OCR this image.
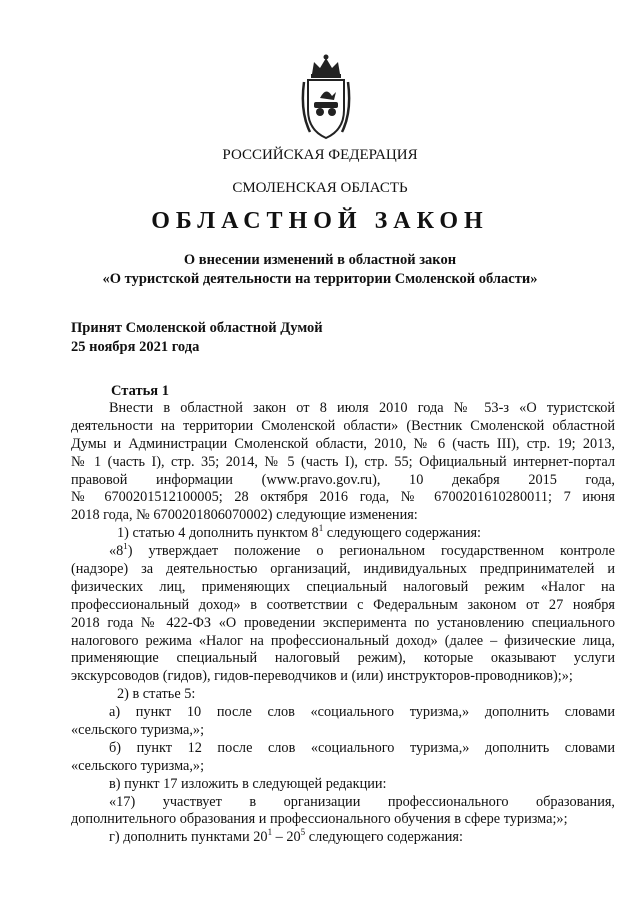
РОССИЙСКАЯ ФЕДЕРАЦИЯ
СМОЛЕНСКАЯ ОБЛАСТЬ
ОБЛАСТНОЙ ЗАКОН
О внесении изменений в областной закон
«О туристской деятельности на территории Смоленской области»
Принят Смоленской областной Думой
25 ноября 2021 года
Статья 1
Внести в областной закон от 8 июля 2010 года № 53-з «О туристской
деятельности на территории Смоленской области» (Вестник Смоленской областной
Думы и Администрации Смоленской области, 2010, № 6 (часть III), стр. 19; 2013,
№ 1 (часть I), стр. 35; 2014, № 5 (часть I), стр. 55; Официальный интернет-портал
правовой информации (www.pravo.gov.ru), 10 декабря 2015 года,
№ 6700201512100005; 28 октября 2016 года, № 6700201610280011; 7 июня
2018 года, № 6700201806070002) следующие изменения:
1) статью 4 дополнить пунктом $8^1$ следующего содержания:
«$8^1$) утверждает положение о региональном государственном контроле
(надзоре) за деятельностью организаций, индивидуальных предпринимателей и
физических лиц, применяющих специальный налоговый режим «Налог на
профессиональный доход» в соответствии с Федеральным законом от 27 ноября
2018 года № 422-ФЗ «О проведении эксперимента по установлению специального
налогового режима «Налог на профессиональный доход» (далее – физические лица,
применяющие специальный налоговый режим), которые оказывают услуги
экскурсоводов (гидов), гидов-переводчиков и (или) инструкторов-проводников);»;
2) в статье 5:
а) пункт 10 после слов «социального туризма,» дополнить словами
«сельского туризма,»;
б) пункт 12 после слов «социального туризма,» дополнить словами
«сельского туризма,»;
в) пункт 17 изложить в следующей редакции:
«17) участвует в организации профессионального образования,
дополнительного образования и профессионального обучения в сфере туризма;»;
г) дополнить пунктами $20^1 - 20^5$ следующего содержания:
